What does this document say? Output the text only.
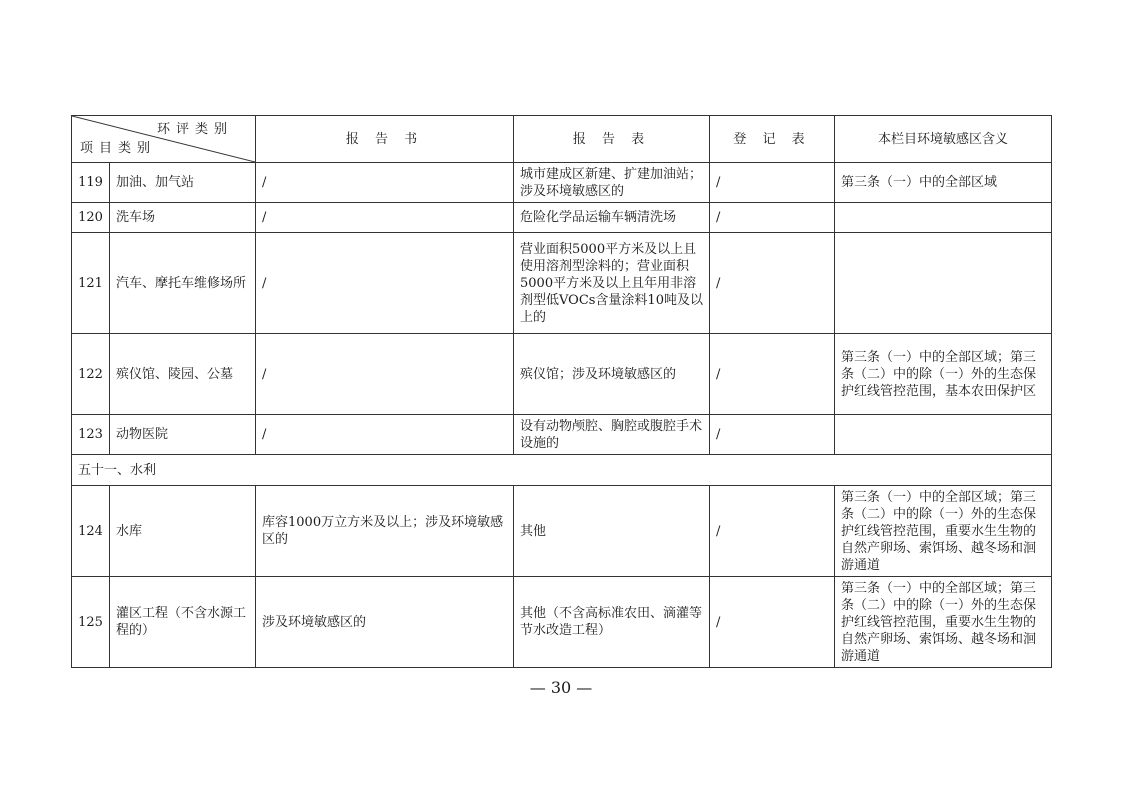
环评类别
项目类别		报 告 书	报 告 表	登 记 表	本栏目环境敏感区含义
119	加油、加气站	/	城市建成区新建、扩建加油站；涉及环境敏感区的	/	第三条（一）中的全部区域
120	洗车场	/	危险化学品运输车辆清洗场	/	
121	汽车、摩托车维修场所	/	营业面积5000平方米及以上且使用溶剂型涂料的；营业面积5000平方米及以上且年用非溶剂型低VOCs含量涂料10吨及以上的	/	
122	殡仪馆、陵园、公墓	/	殡仪馆；涉及环境敏感区的	/	第三条（一）中的全部区域；第三条（二）中的除（一）外的生态保护红线管控范围，基本农田保护区
123	动物医院	/	设有动物颅腔、胸腔或腹腔手术设施的	/	
五十一、水利					
124	水库	库容1000万立方米及以上；涉及环境敏感区的	其他	/	第三条（一）中的全部区域；第三条（二）中的除（一）外的生态保护红线管控范围，重要水生生物的自然产卵场、索饵场、越冬场和洄游通道
125	灌区工程（不含水源工程的）	涉及环境敏感区的	其他（不含高标准农田、滴灌等节水改造工程）	/	第三条（一）中的全部区域；第三条（二）中的除（一）外的生态保护红线管控范围，重要水生生物的自然产卵场、索饵场、越冬场和洄游通道
— 30 —
